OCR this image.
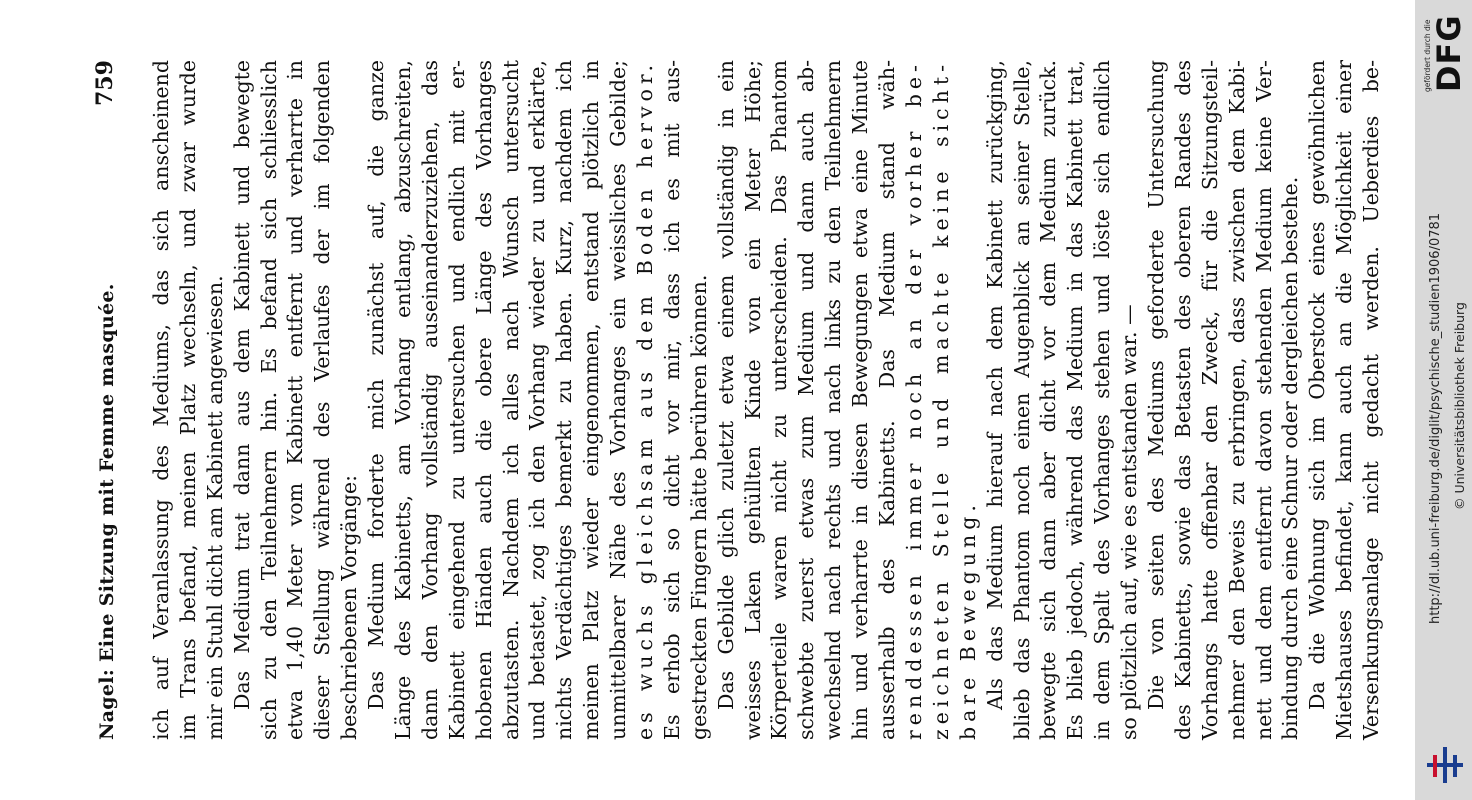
Nagel: Eine Sitzung mit Femme masquée.
759 ich auf Veranlassung des Mediums, das sich anscheinend im Trans befand, meinen Platz wechseln, und zwar wurde mir ein Stuhl dicht am Kabinett angewiesen. Das Medium trat dann aus dem Kabinett und bewegte sich zu den Teilnehmern hin. Es befand sich schliesslich etwa 1,40 Meter vom Kabinett entfernt und verharrte in dieser Stellung während des Verlaufes der im folgenden beschriebenen Vorgänge: Das Medium forderte mich zunächst auf, die ganze Länge des Kabinetts, am Vorhang entlang, abzuschreiten, dann den Vorhang vollständig auseinanderzuziehen, das Kabinett eingehend zu untersuchen und endlich mit er- hobenen Händen auch die obere Länge des Vorhanges abzutasten. Nachdem ich alles nach Wunsch untersucht und betastet, zog ich den Vorhang wieder zu und erklärte, nichts Verdächtiges bemerkt zu haben. Kurz, nachdem ich meinen Platz wieder eingenommen, entstand plötzlich in unmittelbarer Nähe des Vorhanges ein weissliches Gebilde; es wuchs gleichsam aus dem Boden hervor. Es erhob sich so dicht vor mir, dass ich es mit aus- gestreckten Fingern hätte berühren können. Das Gebilde glich zuletzt etwa einem vollständig in ein weisses Laken gehüllten Kinde von ein Meter Höhe; Körperteile waren nicht zu unterscheiden. Das Phantom schwebte zuerst etwas zum Medium und dann auch ab- wechselnd nach rechts und nach links zu den Teilnehmern hin und verharrte in diesen Bewegungen etwa eine Minute ausserhalb des Kabinetts. Das Medium stand wäh- renddessen immer noch an der vorher be- zeichneten Stelle und machte keine sicht- bare Bewegung. Als das Medium hierauf nach dem Kabinett zurückging, blieb das Phantom noch einen Augenblick an seiner Stelle, bewegte sich dann aber dicht vor dem Medium zurück. Es blieb jedoch, während das Medium in das Kabinett trat, in dem Spalt des Vorhanges stehen und löste sich endlich so plötzlich auf, wie es entstanden war. — Die von seiten des Mediums geforderte Untersuchung des Kabinetts, sowie das Betasten des oberen Randes des Vorhangs hatte offenbar den Zweck, für die Sitzungsteil- nehmer den Beweis zu erbringen, dass zwischen dem Kabi- nett und dem entfernt davon stehenden Medium keine Ver- bindung durch eine Schnur oder dergleichen bestehe. Da die Wohnung sich im Oberstock eines gewöhnlichen Mietshauses befindet, kann auch an die Möglichkeit einer Versenkungsanlage nicht gedacht werden. Ueberdies be-
gefördert durch die
DFG
http://dl.ub.uni-freiburg.de/diglit/psychische_studien1906/0781 © Universitätsbibliothek Freiburg
